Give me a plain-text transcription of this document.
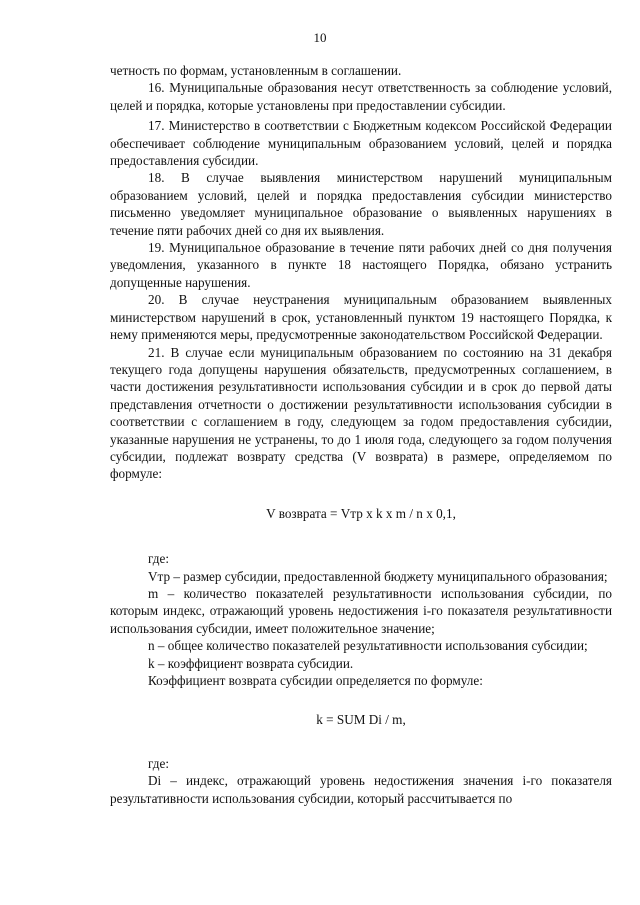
10

четность по формам, установленным в соглашении.

16. Муниципальные образования несут ответственность за соблюдение условий, целей и порядка, которые установлены при предоставлении субсидии.

17. Министерство в соответствии с Бюджетным кодексом Российской Федерации обеспечивает соблюдение муниципальным образованием условий, целей и порядка предоставления субсидии.

18. В случае выявления министерством нарушений муниципальным образованием условий, целей и порядка предоставления субсидии министерство письменно уведомляет муниципальное образование о выявленных нарушениях в течение пяти рабочих дней со дня их выявления.

19. Муниципальное образование в течение пяти рабочих дней со дня получения уведомления, указанного в пункте 18 настоящего Порядка, обязано устранить допущенные нарушения.

20. В случае неустранения муниципальным образованием выявленных министерством нарушений в срок, установленный пунктом 19 настоящего Порядка, к нему применяются меры, предусмотренные законодательством Российской Федерации.

21. В случае если муниципальным образованием по состоянию на 31 декабря текущего года допущены нарушения обязательств, предусмотренных соглашением, в части достижения результативности использования субсидии и в срок до первой даты представления отчетности о достижении результативности использования субсидии в соответствии с соглашением в году, следующем за годом предоставления субсидии, указанные нарушения не устранены, то до 1 июля года, следующего за годом получения субсидии, подлежат возврату средства (V возврата) в размере, определяемом по формуле:

V возврата = Vтр x k x m / n x 0,1,

где:

Vтр – размер субсидии, предоставленной бюджету муниципального образования;

m – количество показателей результативности использования субсидии, по которым индекс, отражающий уровень недостижения i-го показателя результативности использования субсидии, имеет положительное значение;

n – общее количество показателей результативности использования субсидии;

k – коэффициент возврата субсидии.

Коэффициент возврата субсидии определяется по формуле:

k = SUM Di / m,

где:

Di – индекс, отражающий уровень недостижения значения i-го показателя результативности использования субсидии, который рассчитывается по
